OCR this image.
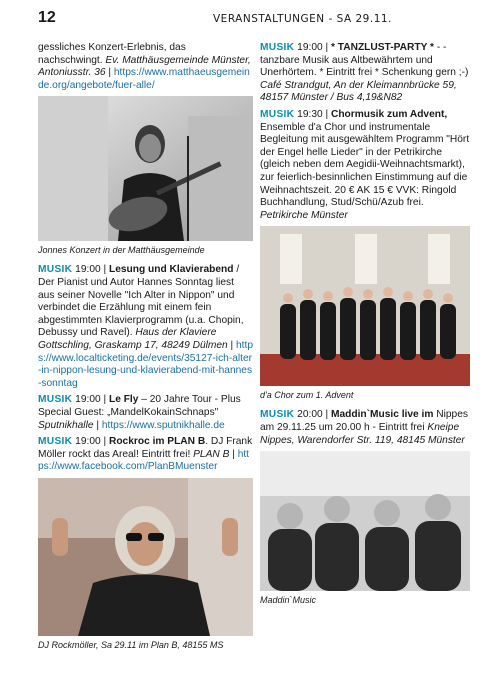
12	VERANSTALTUNGEN - SA 29.11.

gessliches Konzert-Erlebnis, das nachschwingt. Ev. Matthäusgemeinde Münster, Antoniusstr. 36 | https://www.matthaeusgemeinde.org/angebote/fuer-alle/

Jonnes Konzert in der Matthäusgemeinde

MUSIK 19:00 | Lesung und Klavierabend / Der Pianist und Autor Hannes Sonntag liest aus seiner Novelle "Ich Alter in Nippon" und verbindet die Erzählung mit einem fein abgestimmten Klavierprogramm (u.a. Chopin, Debussy und Ravel). Haus der Klaviere Gottschling, Graskamp 17, 48249 Dülmen | https://www.localticketing.de/events/35127-ich-alter-in-nippon-lesung-und-klavierabend-mit-hannes-sonntag

MUSIK 19:00 | Le Fly – 20 Jahre Tour - Plus Special Guest: „MandelKokainSchnaps" Sputnikhalle | https://www.sputnikhalle.de

MUSIK 19:00 | Rockroc im PLAN B. DJ Frank Möller rockt das Areal! Eintritt frei! PLAN B | https://www.facebook.com/PlanBMuenster

DJ Rockmöller, Sa 29.11 im Plan B, 48155 MS

MUSIK 19:00 | * TANZLUST-PARTY * - - tanzbare Musik aus Altbewährtem und Unerhörtem. * Eintritt frei * Schenkung gern ;-) Café Strandgut, An der Kleimannbrücke 59, 48157 Münster / Bus 4,19&N82

MUSIK 19:30 | Chormusik zum Advent, Ensemble d'a Chor und instrumentale Begleitung mit ausgewähltem Programm "Hört der Engel helle Lieder" in der Petrikirche (gleich neben dem Aegidii-Weihnachtsmarkt), zur feierlich-besinnlichen Einstimmung auf die Weihnachtszeit. 20 € AK 15 € VVK: Ringold Buchhandlung, Stud/Schü/Azub frei. Petrikirche Münster

d'a Chor zum 1. Advent

MUSIK 20:00 | Maddin`Music live im Nippes am 29.11.25 um 20.00 h - Eintritt frei Kneipe Nippes, Warendorfer Str. 119, 48145 Münster

Maddin`Music
